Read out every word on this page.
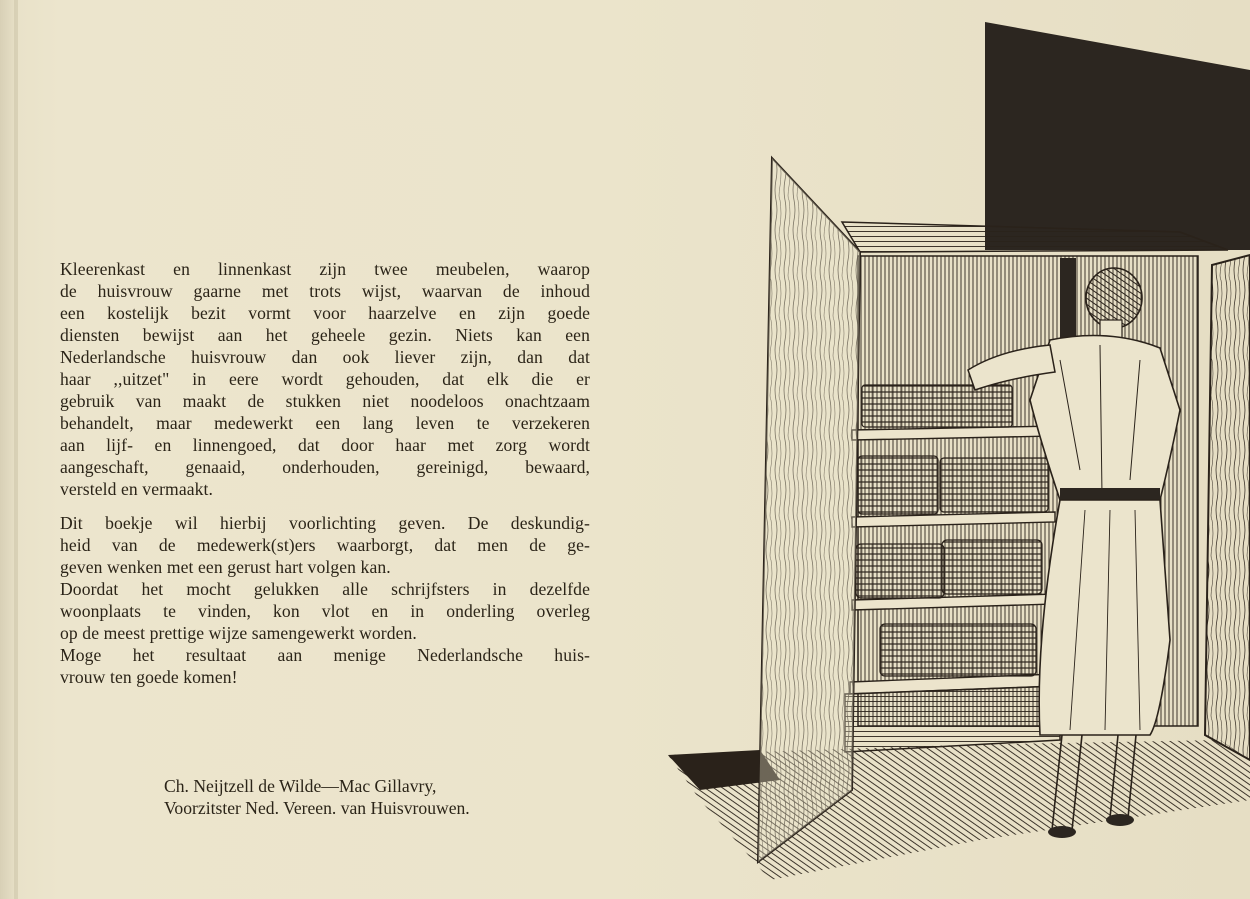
Kleerenkast en linnenkast zijn twee meubelen, waarop
de huisvrouw gaarne met trots wijst, waarvan de inhoud
een kostelijk bezit vormt voor haarzelve en zijn goede
diensten bewijst aan het geheele gezin. Niets kan een
Nederlandsche huisvrouw dan ook liever zijn, dan dat
haar ,,uitzet" in eere wordt gehouden, dat elk die er
gebruik van maakt de stukken niet noodeloos onachtzaam
behandelt, maar medewerkt een lang leven te verzekeren
aan lijf- en linnengoed, dat door haar met zorg wordt
aangeschaft, genaaid, onderhouden, gereinigd, bewaard,
versteld en vermaakt.

Dit boekje wil hierbij voorlichting geven. De deskundig-
heid van de medewerk(st)ers waarborgt, dat men de ge-
geven wenken met een gerust hart volgen kan.
Doordat het mocht gelukken alle schrijfsters in dezelfde
woonplaats te vinden, kon vlot en in onderling overleg
op de meest prettige wijze samengewerkt worden.
Moge het resultaat aan menige Nederlandsche huis-
vrouw ten goede komen!

Ch. Neijtzell de Wilde—Mac Gillavry,
Voorzitster Ned. Vereen. van Huisvrouwen.
